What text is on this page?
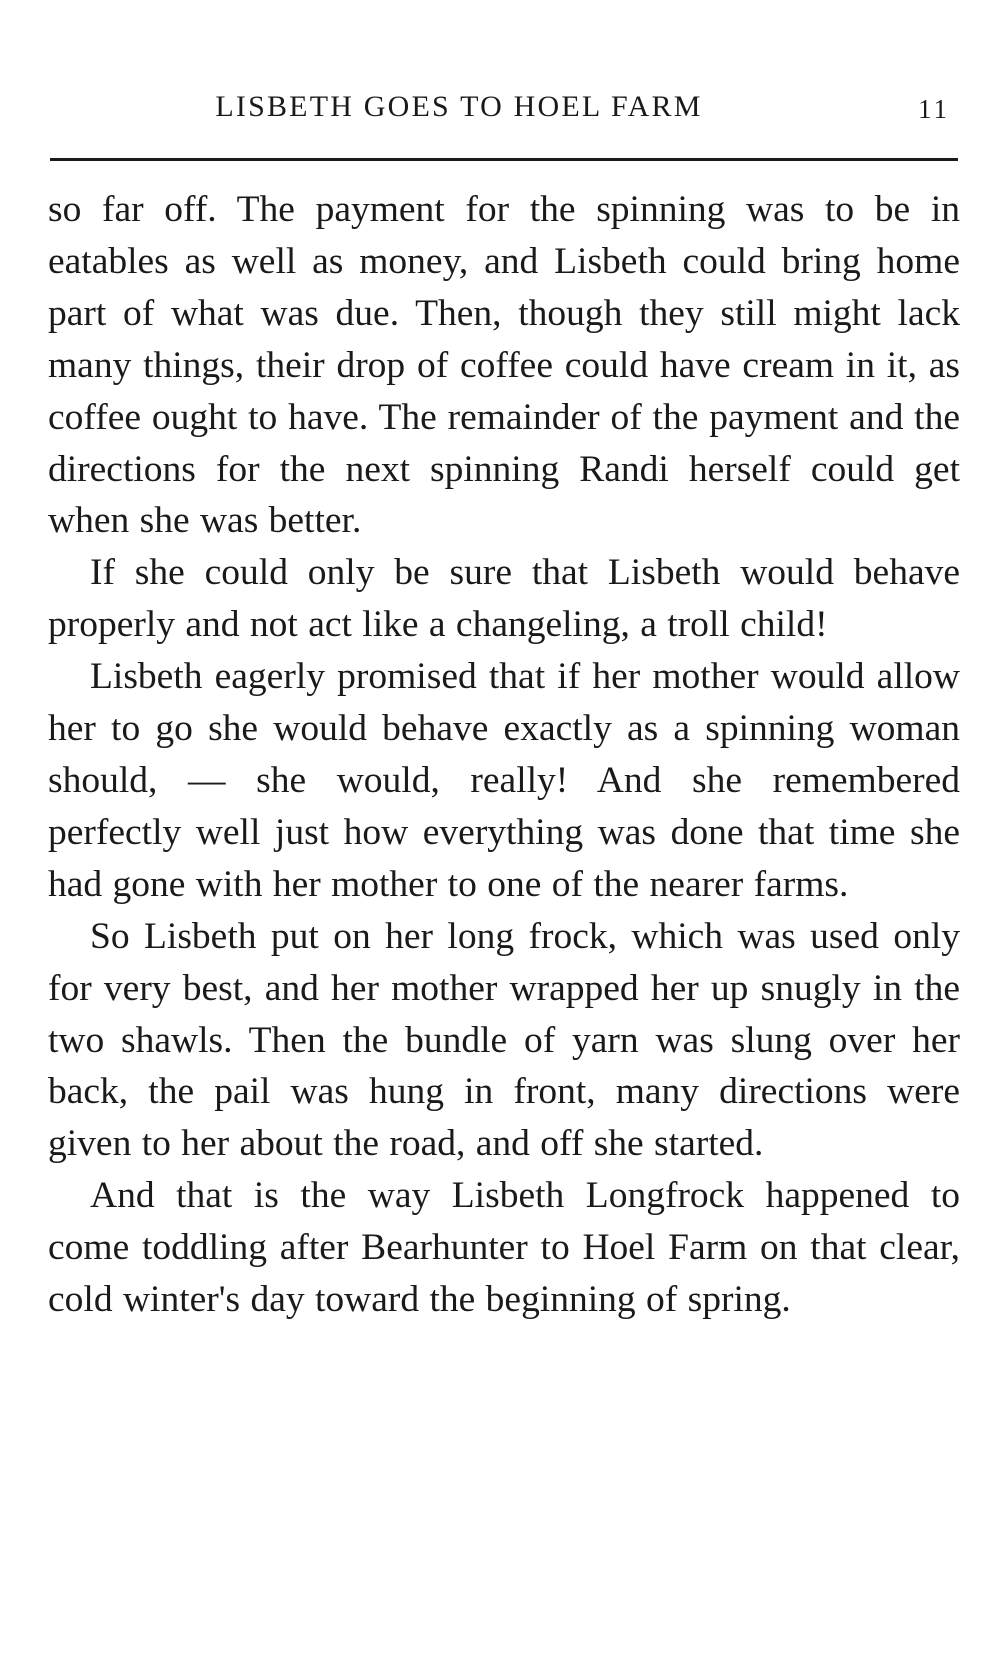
LISBETH GOES TO HOEL FARM	11

so far off. The payment for the spinning was to be in eatables as well as money, and Lisbeth could bring home part of what was due. Then, though they still might lack many things, their drop of coffee could have cream in it, as coffee ought to have. The remainder of the payment and the directions for the next spinning Randi herself could get when she was better.

If she could only be sure that Lisbeth would behave properly and not act like a changeling, a troll child!

Lisbeth eagerly promised that if her mother would allow her to go she would behave exactly as a spinning woman should, — she would, really! And she remembered perfectly well just how everything was done that time she had gone with her mother to one of the nearer farms.

So Lisbeth put on her long frock, which was used only for very best, and her mother wrapped her up snugly in the two shawls. Then the bundle of yarn was slung over her back, the pail was hung in front, many directions were given to her about the road, and off she started.

And that is the way Lisbeth Longfrock happened to come toddling after Bearhunter to Hoel Farm on that clear, cold winter's day toward the beginning of spring.
